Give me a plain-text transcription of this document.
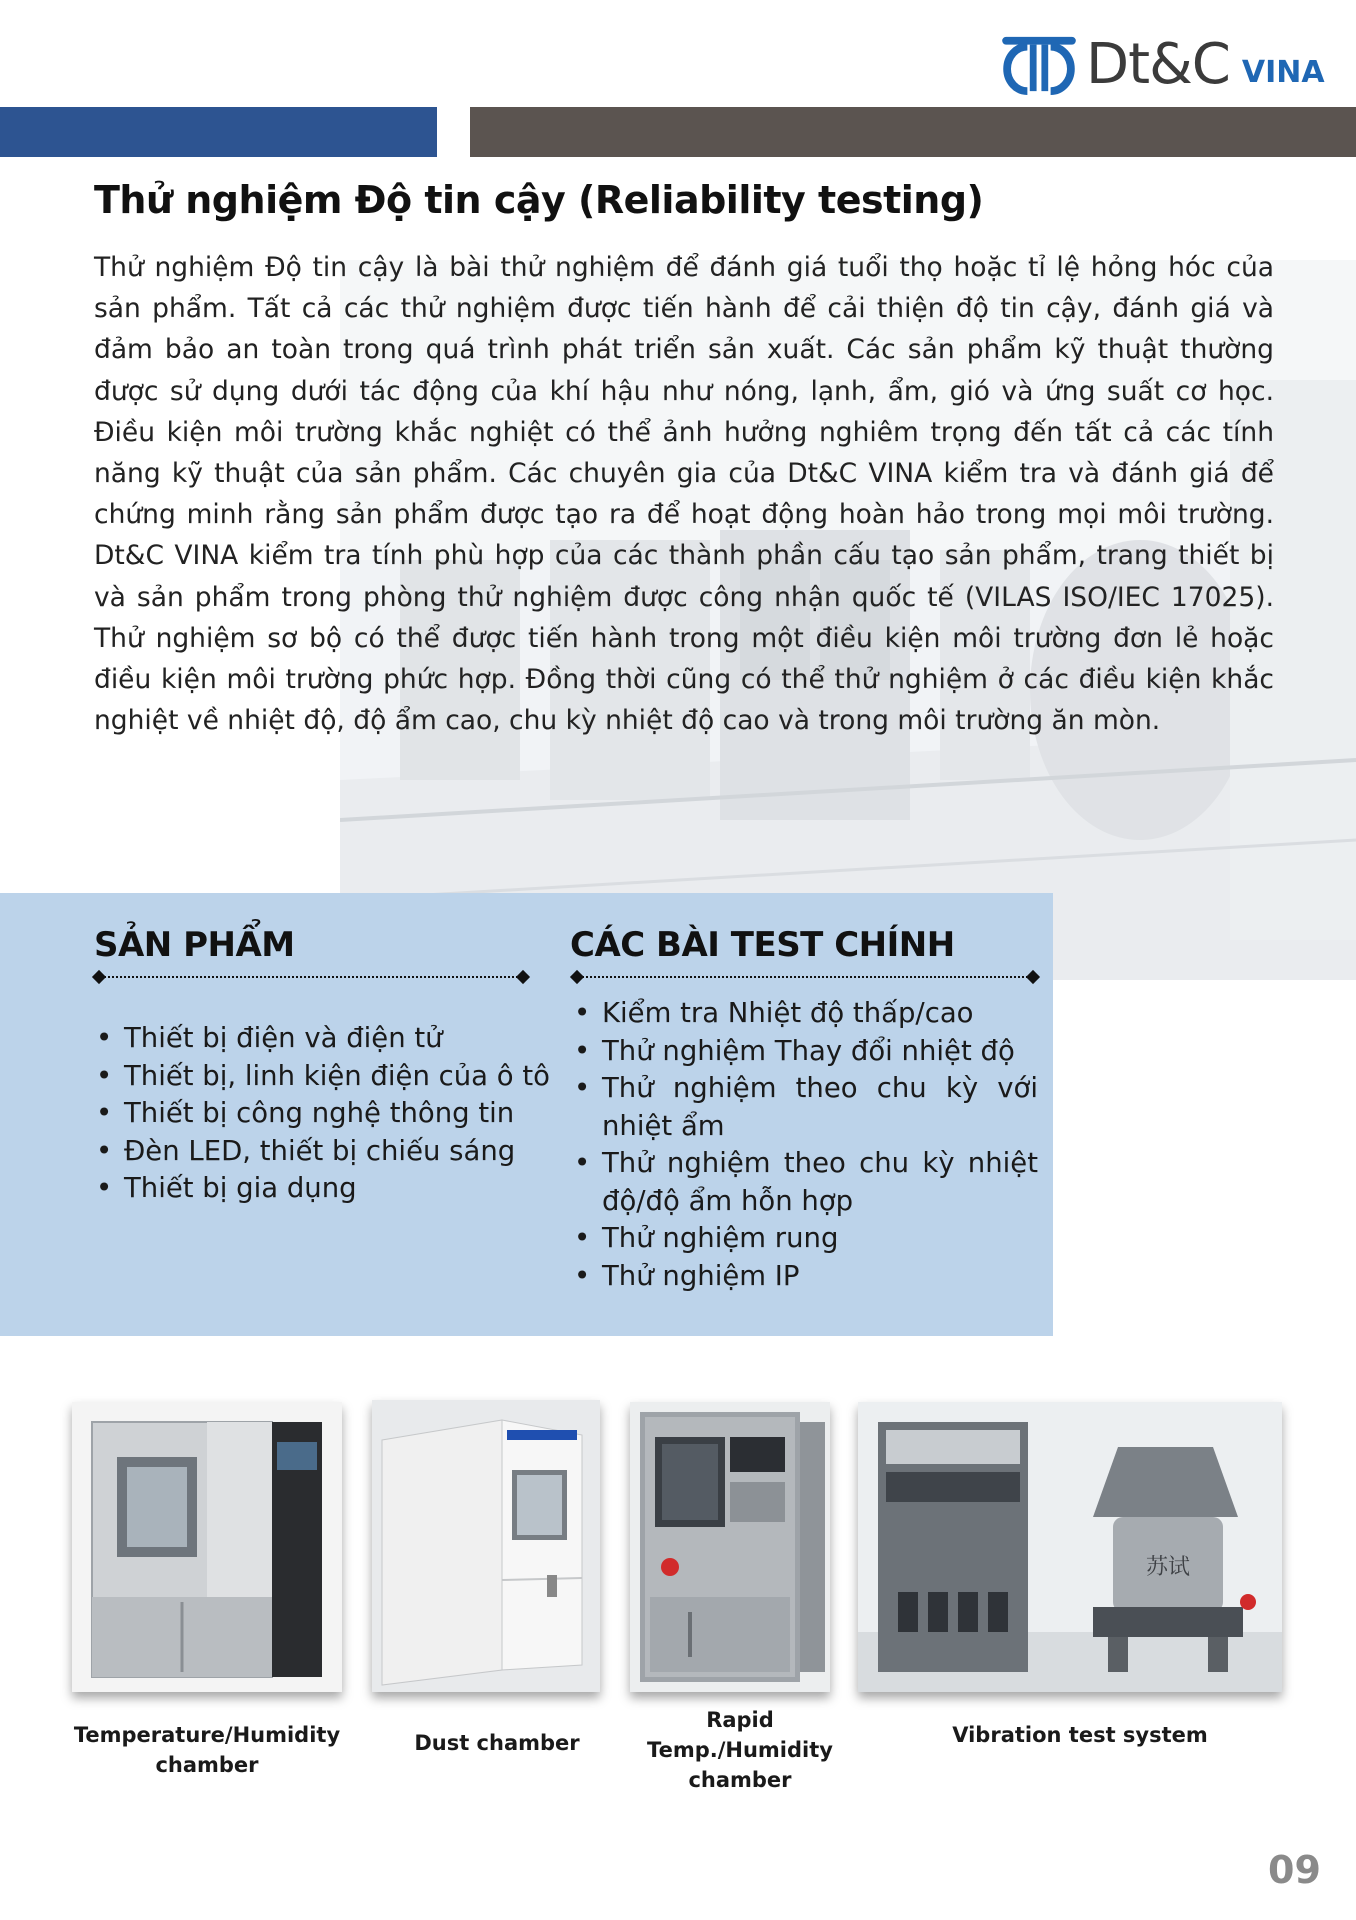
Dt&C VINA
Thử nghiệm Độ tin cậy (Reliability testing)
Thử nghiệm Độ tin cậy là bài thử nghiệm để đánh giá tuổi thọ hoặc tỉ lệ hỏng hóc của sản phẩm. Tất cả các thử nghiệm được tiến hành để cải thiện độ tin cậy, đánh giá và đảm bảo an toàn trong quá trình phát triển sản xuất. Các sản phẩm kỹ thuật thường được sử dụng dưới tác động của khí hậu như nóng, lạnh, ẩm, gió và ứng suất cơ học. Điều kiện môi trường khắc nghiệt có thể ảnh hưởng nghiêm trọng đến tất cả các tính năng kỹ thuật của sản phẩm. Các chuyên gia của Dt&C VINA kiểm tra và đánh giá để chứng minh rằng sản phẩm được tạo ra để hoạt động hoàn hảo trong mọi môi trường. Dt&C VINA kiểm tra tính phù hợp của các thành phần cấu tạo sản phẩm, trang thiết bị và sản phẩm trong phòng thử nghiệm được công nhận quốc tế (VILAS ISO/IEC 17025). Thử nghiệm sơ bộ có thể được tiến hành trong một điều kiện môi trường đơn lẻ hoặc điều kiện môi trường phức hợp. Đồng thời cũng có thể thử nghiệm ở các điều kiện khắc nghiệt về nhiệt độ, độ ẩm cao, chu kỳ nhiệt độ cao và trong môi trường ăn mòn.
SẢN PHẨM
• Thiết bị điện và điện tử
• Thiết bị, linh kiện điện của ô tô
• Thiết bị công nghệ thông tin
• Đèn LED, thiết bị chiếu sáng
• Thiết bị gia dụng
CÁC BÀI TEST CHÍNH
• Kiểm tra Nhiệt độ thấp/cao
• Thử nghiệm Thay đổi nhiệt độ
• Thử nghiệm theo chu kỳ với nhiệt ẩm
• Thử nghiệm theo chu kỳ nhiệt độ/độ ẩm hỗn hợp
• Thử nghiệm rung
• Thử nghiệm IP
苏试
Temperature/Humidity chamber
Dust chamber
Rapid Temp./Humidity chamber
Vibration test system
09
